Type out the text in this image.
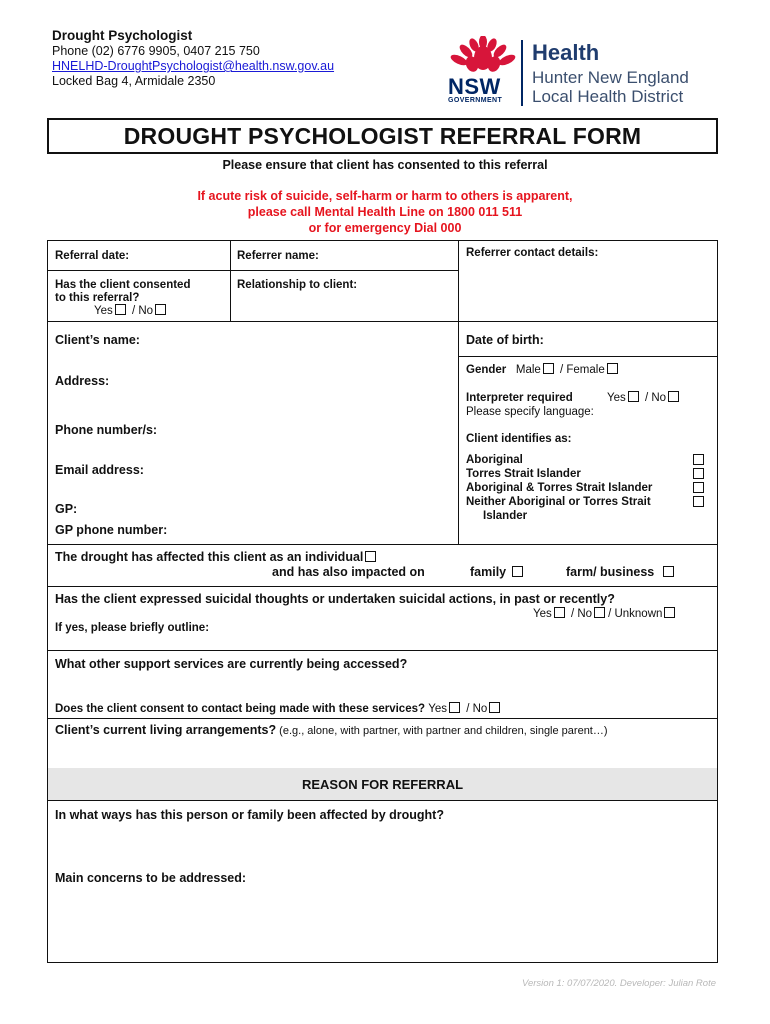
Drought Psychologist
Phone (02) 6776 9905, 0407 215 750
HNELHD-DroughtPsychologist@health.nsw.gov.au
Locked Bag 4, Armidale 2350	NSW
GOVERNMENT
Health
Hunter New England
Local Health District
DROUGHT PSYCHOLOGIST REFERRAL FORM
Please ensure that client has consented to this referral
If acute risk of suicide, self-harm or harm to others is apparent,
please call Mental Health Line on 1800 011 511
or for emergency Dial 000
REASON FOR REFERRAL
Referral date:	Referrer name:	Referrer contact details:
Has the client consented
to this referral?
Yes / No
Relationship to client:
Client’s name:
Address:
Phone number/s:
Email address:
GP:
GP phone number:
Date of birth:
Gender Male / Female
Interpreter required	Yes / No
Please specify language:
Client identifies as:
Aboriginal
Torres Strait Islander
Aboriginal & Torres Strait Islander
Neither Aboriginal or Torres Strait
Islander
The drought has affected this client as an individual
and has also impacted on	family	farm/ business
Has the client expressed suicidal thoughts or undertaken suicidal actions, in past or recently?
Yes / No / Unknown
If yes, please briefly outline:
What other support services are currently being accessed?
Does the client consent to contact being made with these services? Yes / No
Client’s current living arrangements? (e.g., alone, with partner, with partner and children, single parent…)
In what ways has this person or family been affected by drought?
Main concerns to be addressed:
Version 1: 07/07/2020. Developer: Julian Rote
